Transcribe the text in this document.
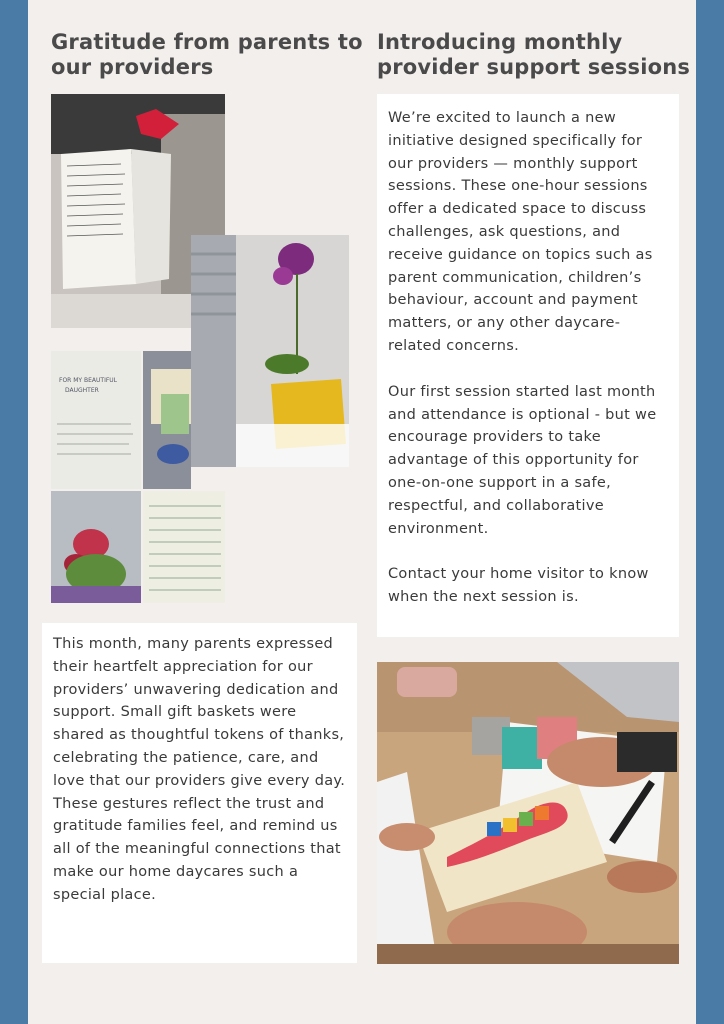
Gratitude from parents to
our providers
Introducing monthly
provider support sessions
FOR MY BEAUTIFUL
DAUGHTER

We’re excited to launch a new initiative designed specifically for our providers — monthly support sessions. These one-hour sessions offer a dedicated space to discuss challenges, ask questions, and receive guidance on topics such as parent communication, children’s behaviour, account and payment matters, or any other daycare-related concerns.

Our first session started last month and attendance is optional - but we encourage providers to take advantage of this opportunity for one-on-one support in a safe, respectful, and collaborative environment.

Contact your home visitor to know when the next session is.

This month, many parents expressed their heartfelt appreciation for our providers’ unwavering dedication and support. Small gift baskets were shared as thoughtful tokens of thanks, celebrating the patience, care, and love that our providers give every day. These gestures reflect the trust and gratitude families feel, and remind us all of the meaningful connections that make our home daycares such a special place.
